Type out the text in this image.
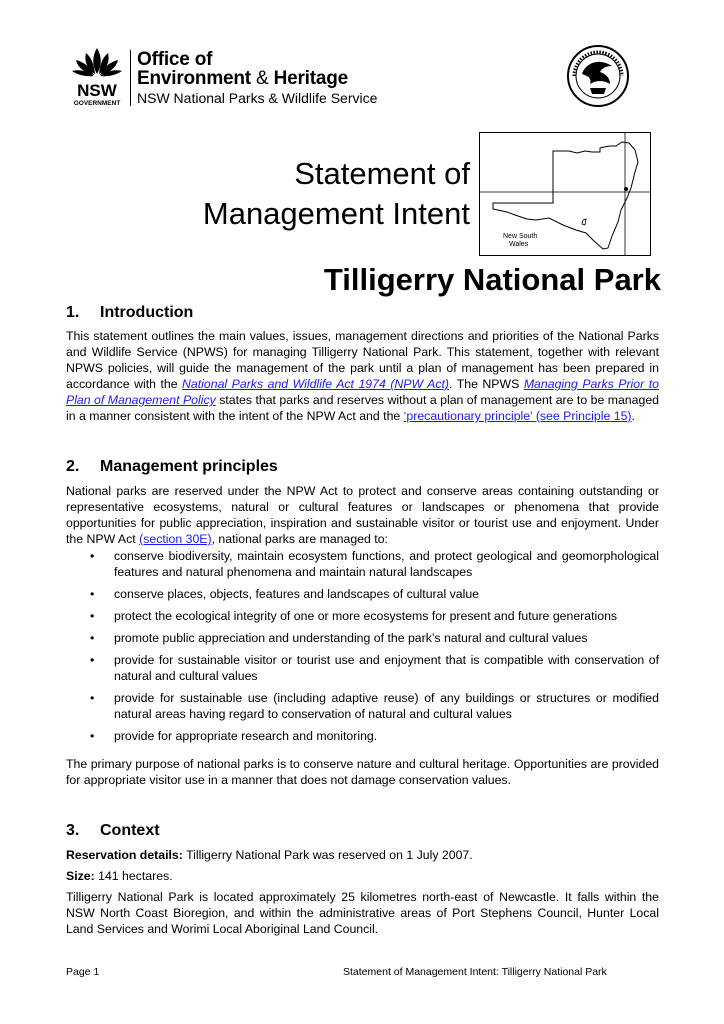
NSW
GOVERNMENT
Office of
Environment & Heritage
NSW National Parks & Wildlife Service
Statement of
Management Intent
New South
Wales
Tilligerry National Park
1. Introduction

This statement outlines the main values, issues, management directions and priorities of the National Parks and Wildlife Service (NPWS) for managing Tilligerry National Park. This statement, together with relevant NPWS policies, will guide the management of the park until a plan of management has been prepared in accordance with the National Parks and Wildlife Act 1974 (NPW Act). The NPWS Managing Parks Prior to Plan of Management Policy states that parks and reserves without a plan of management are to be managed in a manner consistent with the intent of the NPW Act and the ‘precautionary principle’ (see Principle 15).

2. Management principles

National parks are reserved under the NPW Act to protect and conserve areas containing outstanding or representative ecosystems, natural or cultural features or landscapes or phenomena that provide opportunities for public appreciation, inspiration and sustainable visitor or tourist use and enjoyment. Under the NPW Act (section 30E), national parks are managed to:

• conserve biodiversity, maintain ecosystem functions, and protect geological and geomorphological features and natural phenomena and maintain natural landscapes
• conserve places, objects, features and landscapes of cultural value
• protect the ecological integrity of one or more ecosystems for present and future generations
• promote public appreciation and understanding of the park’s natural and cultural values
• provide for sustainable visitor or tourist use and enjoyment that is compatible with conservation of natural and cultural values
• provide for sustainable use (including adaptive reuse) of any buildings or structures or modified natural areas having regard to conservation of natural and cultural values
• provide for appropriate research and monitoring.

The primary purpose of national parks is to conserve nature and cultural heritage. Opportunities are provided for appropriate visitor use in a manner that does not damage conservation values.

3. Context

Reservation details: Tilligerry National Park was reserved on 1 July 2007.

Size: 141 hectares.

Tilligerry National Park is located approximately 25 kilometres north-east of Newcastle. It falls within the NSW North Coast Bioregion, and within the administrative areas of Port Stephens Council, Hunter Local Land Services and Worimi Local Aboriginal Land Council.

Page 1	Statement of Management Intent: Tilligerry National Park
